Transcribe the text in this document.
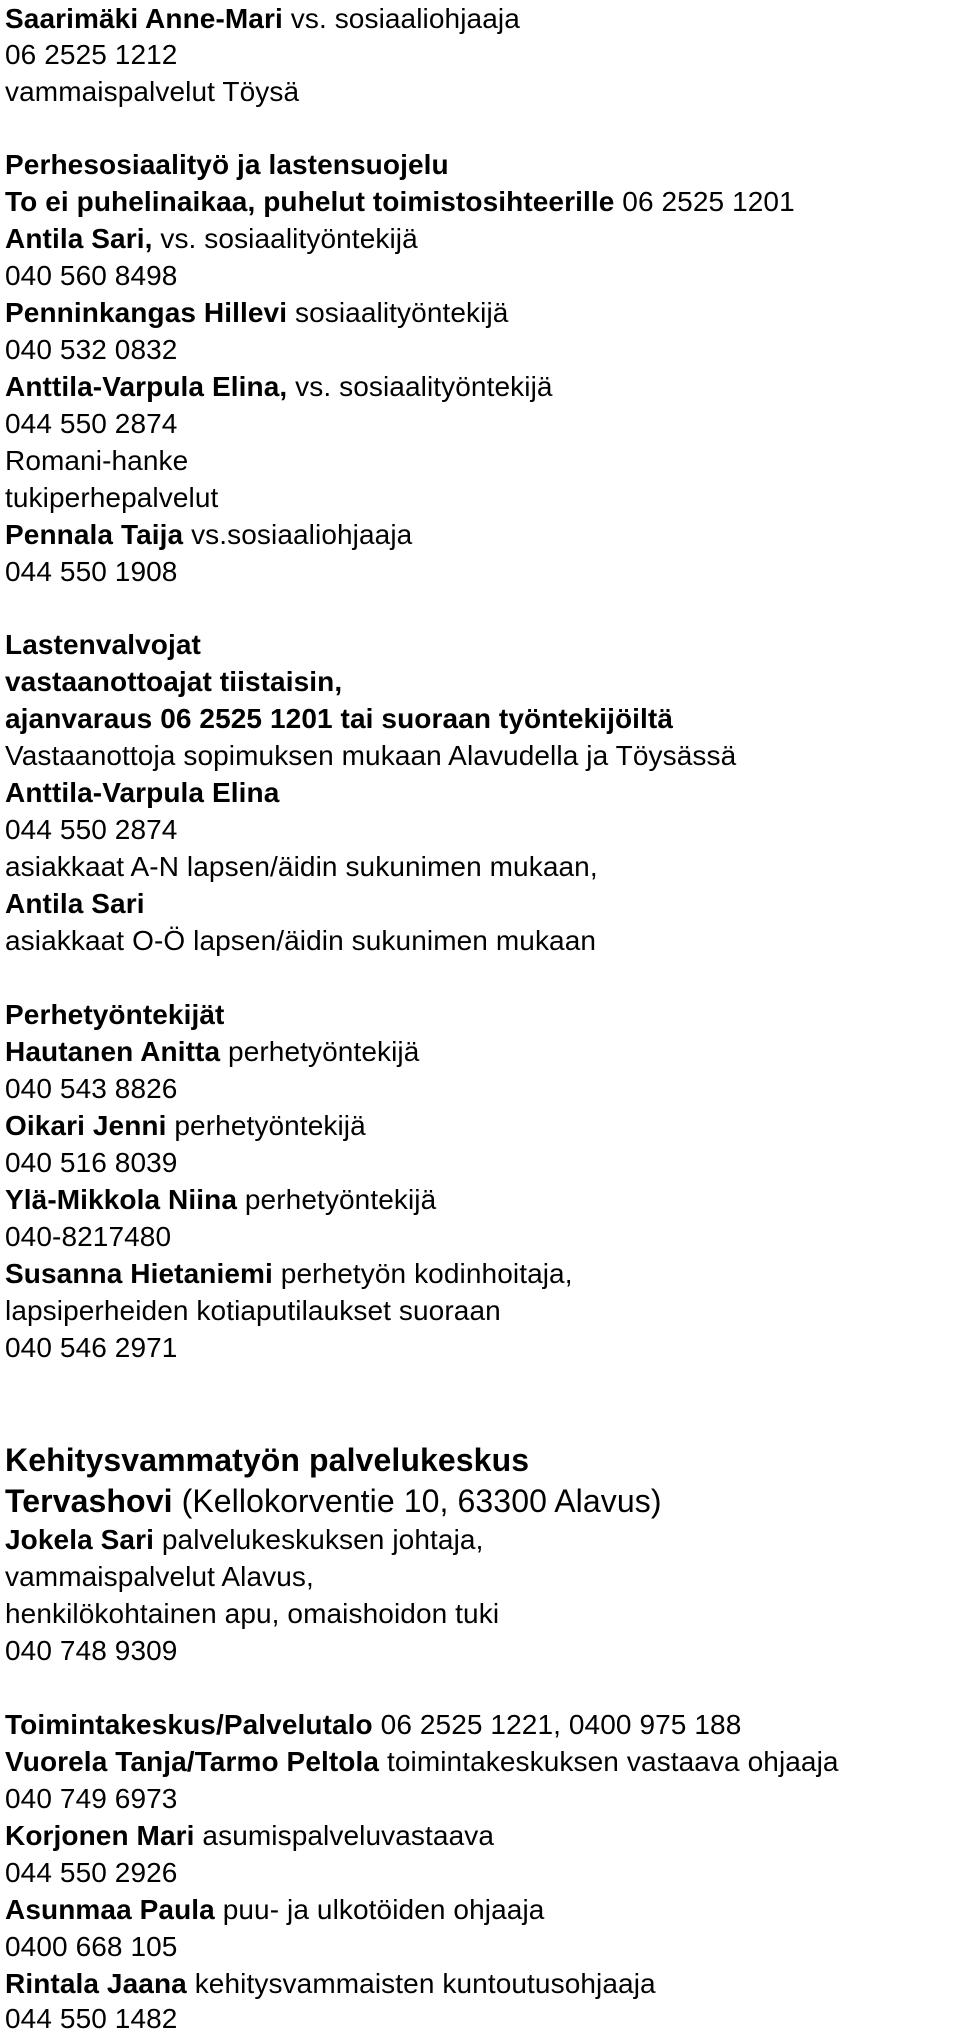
Saarimäki Anne-Mari vs. sosiaaliohjaaja
06 2525 1212
vammaispalvelut Töysä
Perhesosiaalityö ja lastensuojelu
To ei puhelinaikaa, puhelut toimistosihteerille 06 2525 1201
Antila Sari, vs. sosiaalityöntekijä
040 560 8498
Penninkangas Hillevi sosiaalityöntekijä
040 532 0832
Anttila-Varpula Elina, vs. sosiaalityöntekijä
044 550 2874
Romani-hanke
tukiperhepalvelut
Pennala Taija vs.sosiaaliohjaaja
044 550 1908
Lastenvalvojat
vastaanottoajat tiistaisin,
ajanvaraus 06 2525 1201 tai suoraan työntekijöiltä
Vastaanottoja sopimuksen mukaan Alavudella ja Töysässä
Anttila-Varpula Elina
044 550 2874
asiakkaat A-N lapsen/äidin sukunimen mukaan,
Antila Sari
asiakkaat O-Ö lapsen/äidin sukunimen mukaan
Perhetyöntekijät
Hautanen Anitta perhetyöntekijä
040 543 8826
Oikari Jenni perhetyöntekijä
040 516 8039
Ylä-Mikkola Niina perhetyöntekijä
040-8217480
Susanna Hietaniemi perhetyön kodinhoitaja,
lapsiperheiden kotiaputilaukset suoraan
040 546 2971
Kehitysvammatyön palvelukeskus
Tervashovi (Kellokorventie 10, 63300 Alavus)
Jokela Sari palvelukeskuksen johtaja,
vammaispalvelut Alavus,
henkilökohtainen apu, omaishoidon tuki
040 748 9309
Toimintakeskus/Palvelutalo 06 2525 1221, 0400 975 188
Vuorela Tanja/Tarmo Peltola toimintakeskuksen vastaava ohjaaja
040 749 6973
Korjonen Mari asumispalveluvastaava
044 550 2926
Asunmaa Paula puu- ja ulkotöiden ohjaaja
0400 668 105
Rintala Jaana kehitysvammaisten kuntoutusohjaaja
044 550 1482
